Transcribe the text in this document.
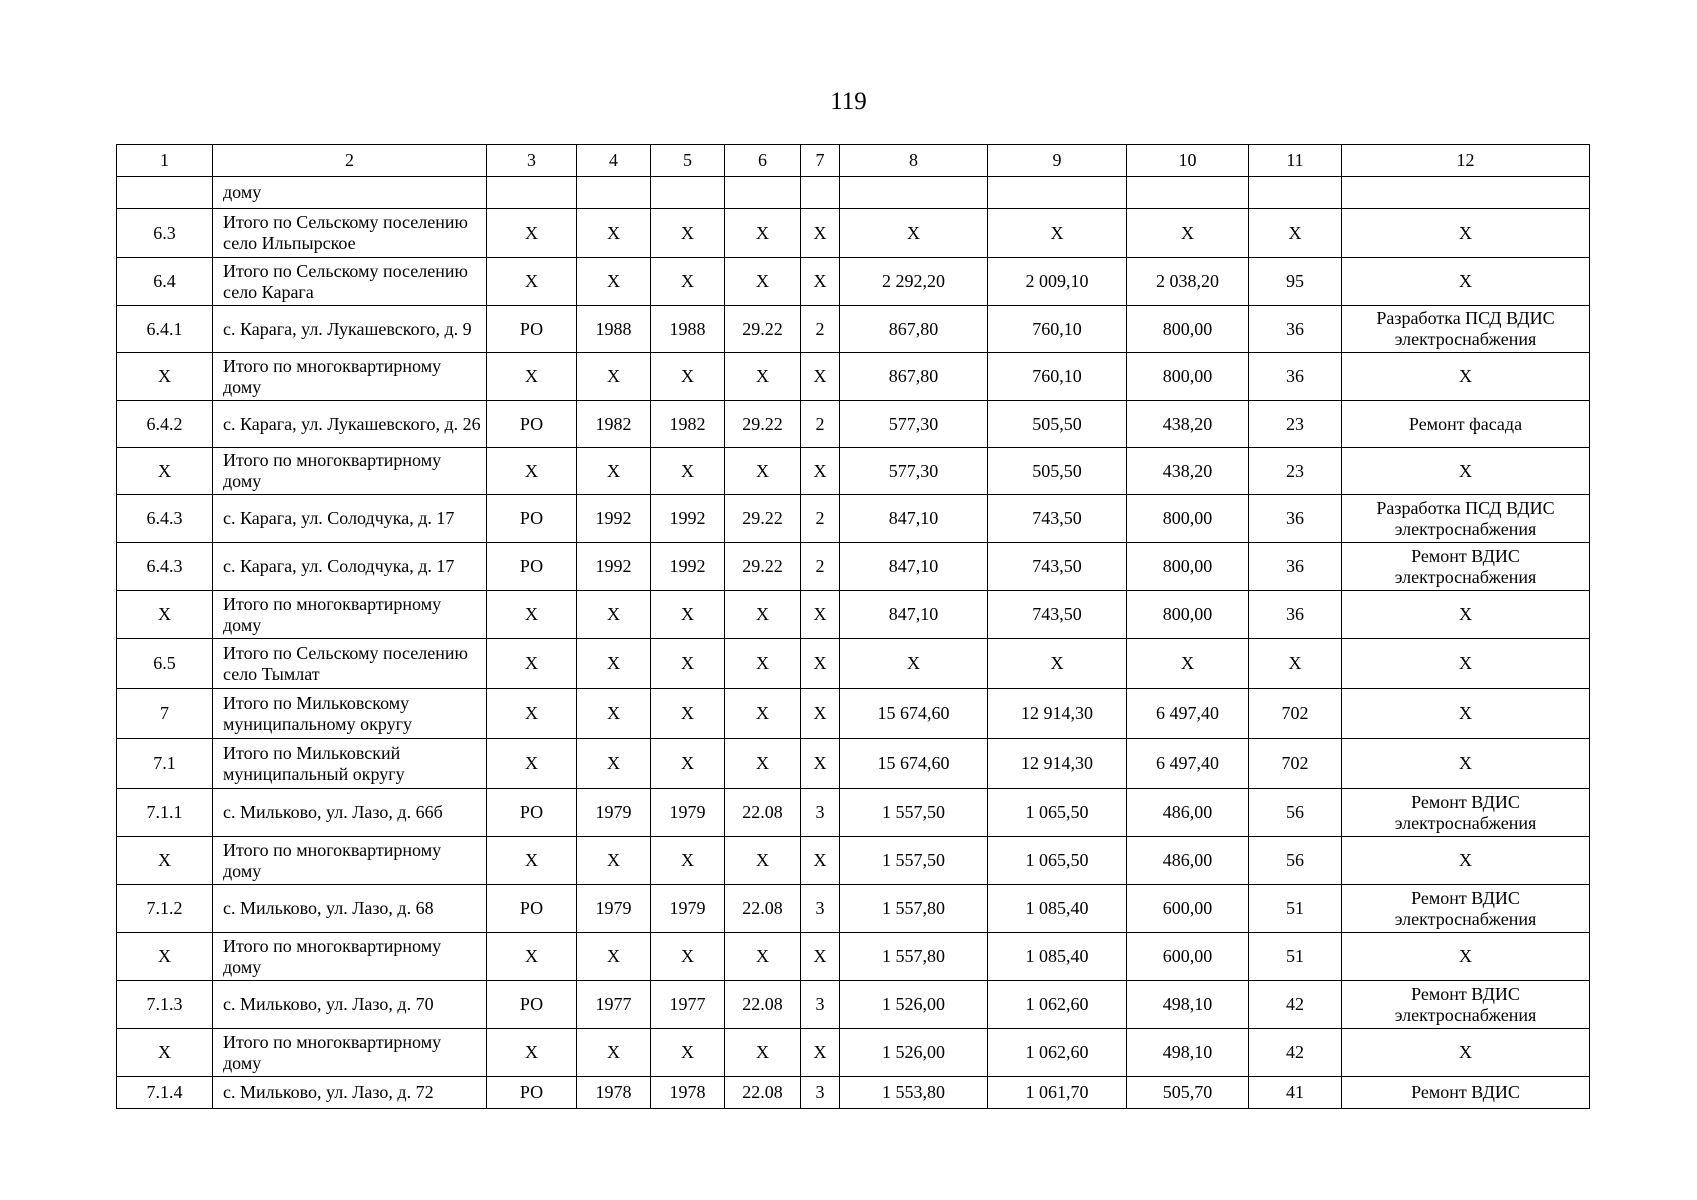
119
1	2	3	4	5	6	7	8	9	10	11	12
	дому										
6.3	Итого по Сельскому поселению село Ильпырское	Х	Х	Х	Х	Х	Х	Х	Х	Х	Х
6.4	Итого по Сельскому поселению село Карага	Х	Х	Х	Х	Х	2 292,20	2 009,10	2 038,20	95	Х
6.4.1	с. Карага, ул. Лукашевского, д. 9	РО	1988	1988	29.22	2	867,80	760,10	800,00	36	Разработка ПСД ВДИС электроснабжения
Х	Итого по многоквартирному дому	Х	Х	Х	Х	Х	867,80	760,10	800,00	36	Х
6.4.2	с. Карага, ул. Лукашевского, д. 26	РО	1982	1982	29.22	2	577,30	505,50	438,20	23	Ремонт фасада
Х	Итого по многоквартирному дому	Х	Х	Х	Х	Х	577,30	505,50	438,20	23	Х
6.4.3	с. Карага, ул. Солодчука, д. 17	РО	1992	1992	29.22	2	847,10	743,50	800,00	36	Разработка ПСД ВДИС электроснабжения
6.4.3	с. Карага, ул. Солодчука, д. 17	РО	1992	1992	29.22	2	847,10	743,50	800,00	36	Ремонт ВДИС электроснабжения
Х	Итого по многоквартирному дому	Х	Х	Х	Х	Х	847,10	743,50	800,00	36	Х
6.5	Итого по Сельскому поселению село Тымлат	Х	Х	Х	Х	Х	Х	Х	Х	Х	Х
7	Итого по Мильковскому муниципальному округу	Х	Х	Х	Х	Х	15 674,60	12 914,30	6 497,40	702	Х
7.1	Итого по Мильковский муниципальный округу	Х	Х	Х	Х	Х	15 674,60	12 914,30	6 497,40	702	Х
7.1.1	с. Мильково, ул. Лазо, д. 66б	РО	1979	1979	22.08	3	1 557,50	1 065,50	486,00	56	Ремонт ВДИС электроснабжения
Х	Итого по многоквартирному дому	Х	Х	Х	Х	Х	1 557,50	1 065,50	486,00	56	Х
7.1.2	с. Мильково, ул. Лазо, д. 68	РО	1979	1979	22.08	3	1 557,80	1 085,40	600,00	51	Ремонт ВДИС электроснабжения
Х	Итого по многоквартирному дому	Х	Х	Х	Х	Х	1 557,80	1 085,40	600,00	51	Х
7.1.3	с. Мильково, ул. Лазо, д. 70	РО	1977	1977	22.08	3	1 526,00	1 062,60	498,10	42	Ремонт ВДИС электроснабжения
Х	Итого по многоквартирному дому	Х	Х	Х	Х	Х	1 526,00	1 062,60	498,10	42	Х
7.1.4	с. Мильково, ул. Лазо, д. 72	РО	1978	1978	22.08	3	1 553,80	1 061,70	505,70	41	Ремонт ВДИС
